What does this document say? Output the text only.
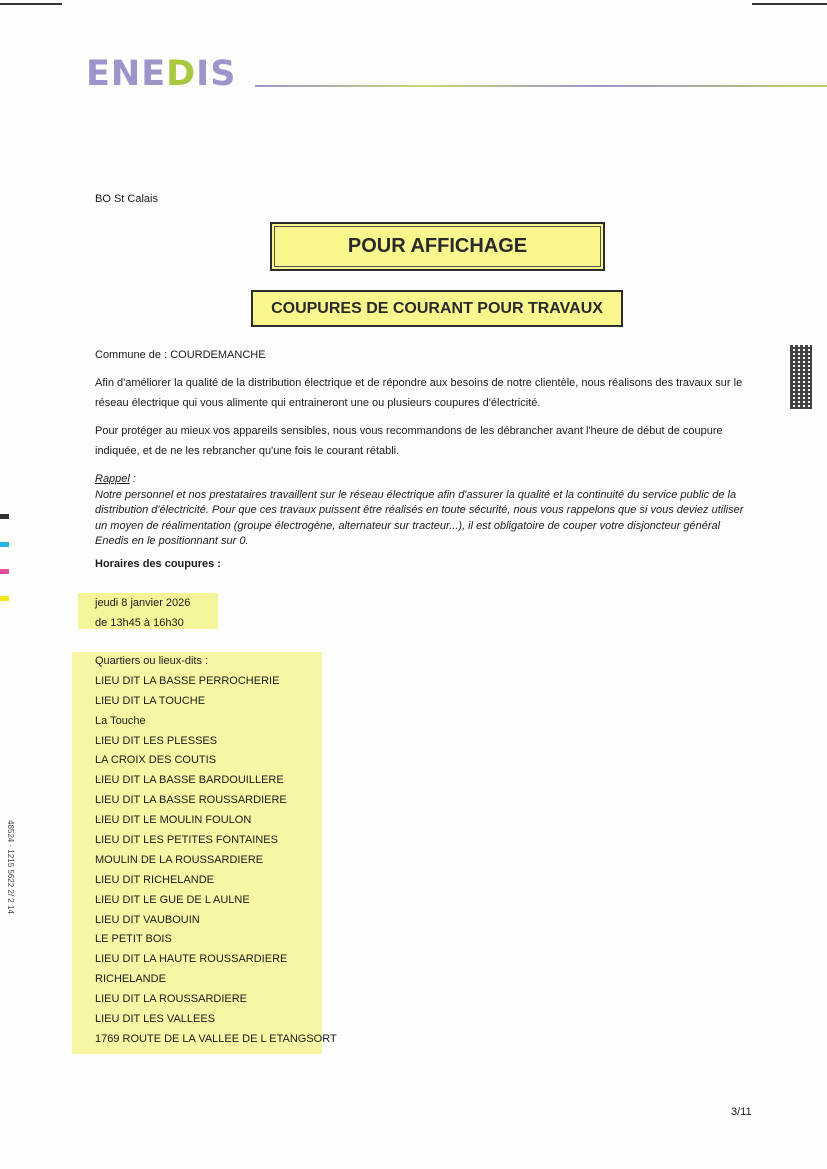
ENEDIS
BO St Calais
POUR AFFICHAGE
COUPURES DE COURANT POUR TRAVAUX
Commune de : COURDEMANCHE
Afin d'améliorer la qualité de la distribution électrique et de répondre aux besoins de notre clientèle, nous réalisons des travaux sur le réseau électrique qui vous alimente qui entraineront une ou plusieurs coupures d'électricité.
Pour protéger au mieux vos appareils sensibles, nous vous recommandons de les débrancher avant l'heure de début de coupure indiquée, et de ne les rebrancher qu'une fois le courant rétabli.
Rappel :
Notre personnel et nos prestataires travaillent sur le réseau électrique afin d'assurer la qualité et la continuité du service public de la distribution d'électricité. Pour que ces travaux puissent être réalisés en toute sécurité, nous vous rappelons que si vous deviez utiliser un moyen de réalimentation (groupe électrogène, alternateur sur tracteur...), il est obligatoire de couper votre disjoncteur général Enedis en le positionnant sur 0.
Horaires des coupures :
jeudi 8 janvier 2026
de 13h45 à 16h30
Quartiers ou lieux-dits :
LIEU DIT LA BASSE PERROCHERIE
LIEU DIT LA TOUCHE
La Touche
LIEU DIT LES PLESSES
LA CROIX DES COUTIS
LIEU DIT LA BASSE BARDOUILLERE
LIEU DIT LA BASSE ROUSSARDIERE
LIEU DIT LE MOULIN FOULON
LIEU DIT LES PETITES FONTAINES
MOULIN DE LA ROUSSARDIERE
LIEU DIT RICHELANDE
LIEU DIT LE GUE DE L AULNE
LIEU DIT VAUBOUIN
LE PETIT BOIS
LIEU DIT LA HAUTE ROUSSARDIERE
RICHELANDE
LIEU DIT LA ROUSSARDIERE
LIEU DIT LES VALLEES
1769 ROUTE DE LA VALLEE DE L ETANGSORT
48524 · 1215 5622 2/ 2 14
3/11
